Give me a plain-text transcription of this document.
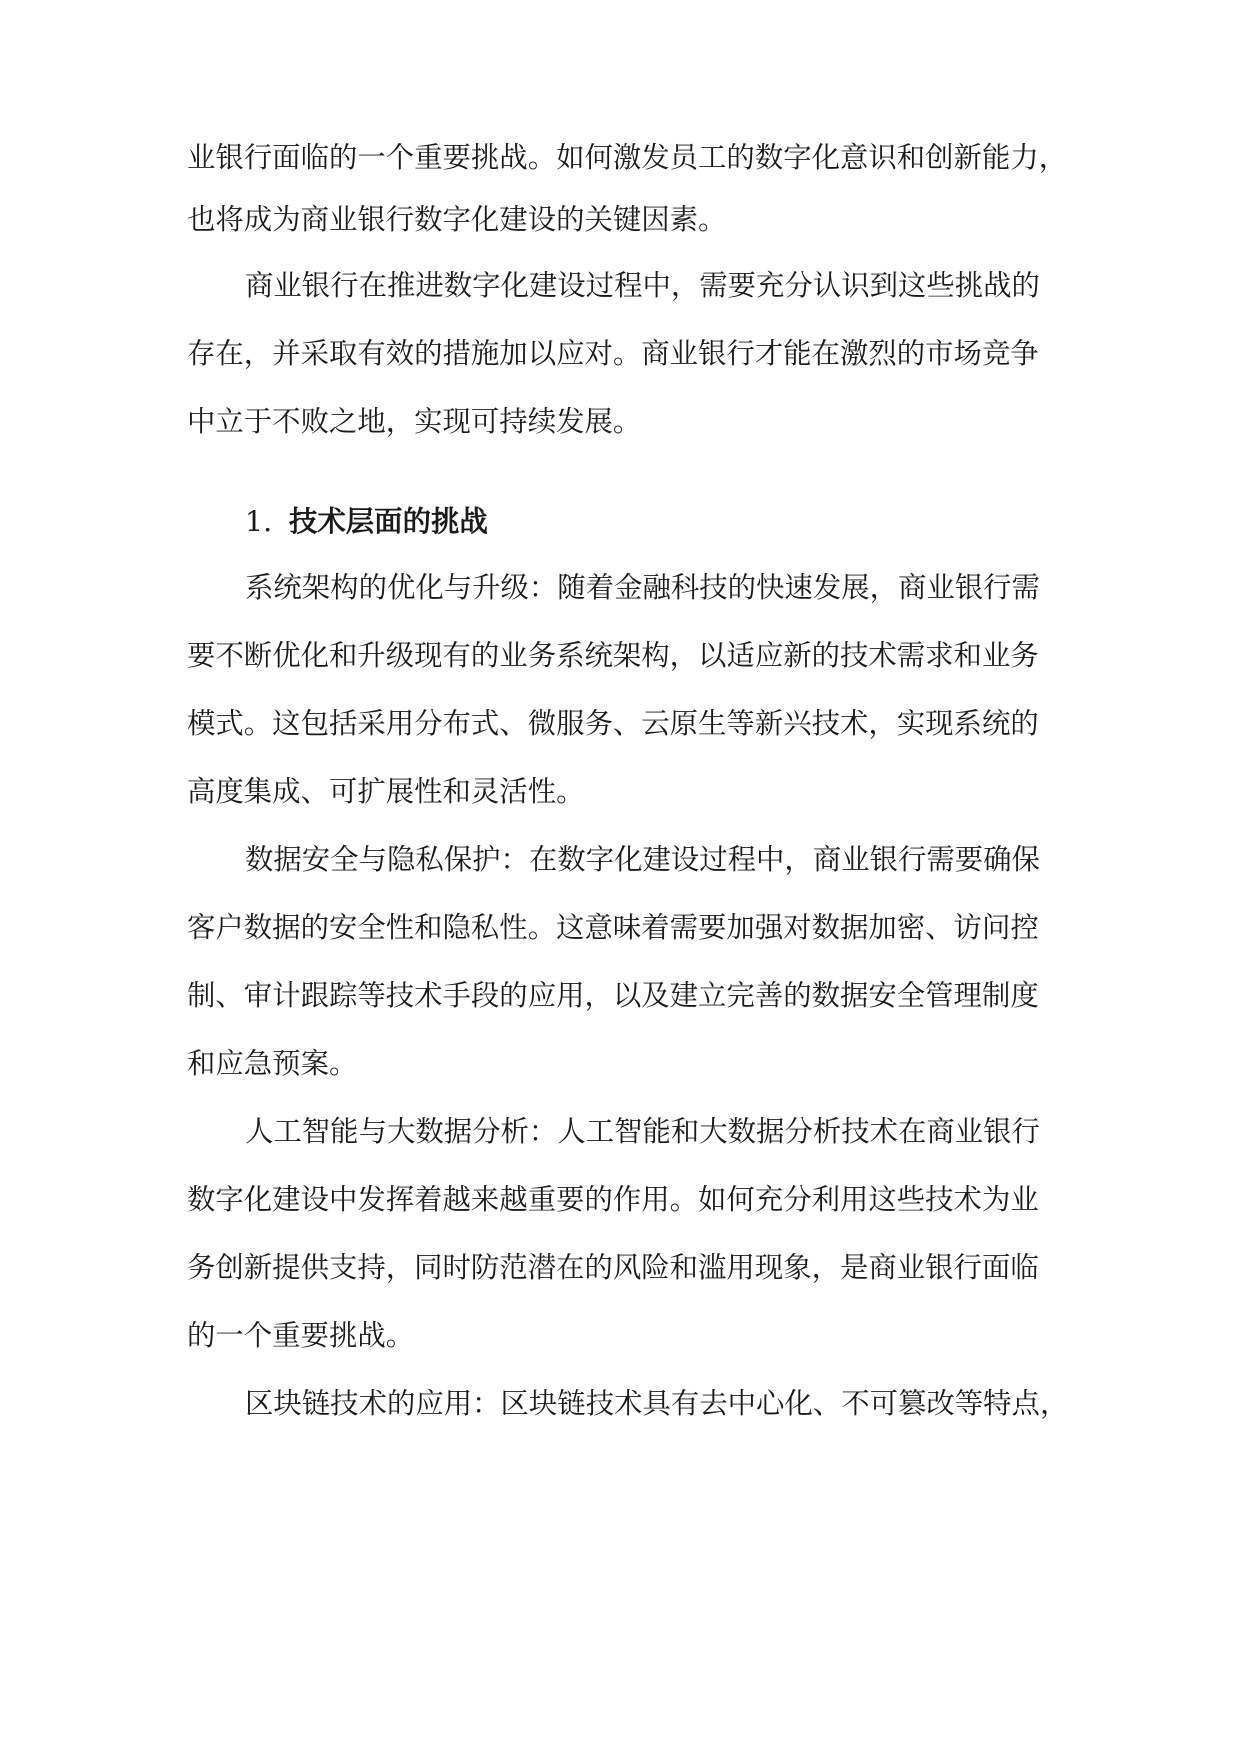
业银行面临的一个重要挑战。如何激发员工的数字化意识和创新能力，
也将成为商业银行数字化建设的关键因素。
商业银行在推进数字化建设过程中，需要充分认识到这些挑战的
存在，并采取有效的措施加以应对。商业银行才能在激烈的市场竞争
中立于不败之地，实现可持续发展。
1. 技术层面的挑战
系统架构的优化与升级：随着金融科技的快速发展，商业银行需
要不断优化和升级现有的业务系统架构，以适应新的技术需求和业务
模式。这包括采用分布式、微服务、云原生等新兴技术，实现系统的
高度集成、可扩展性和灵活性。
数据安全与隐私保护：在数字化建设过程中，商业银行需要确保
客户数据的安全性和隐私性。这意味着需要加强对数据加密、访问控
制、审计跟踪等技术手段的应用，以及建立完善的数据安全管理制度
和应急预案。
人工智能与大数据分析：人工智能和大数据分析技术在商业银行
数字化建设中发挥着越来越重要的作用。如何充分利用这些技术为业
务创新提供支持，同时防范潜在的风险和滥用现象，是商业银行面临
的一个重要挑战。
区块链技术的应用：区块链技术具有去中心化、不可篡改等特点，
